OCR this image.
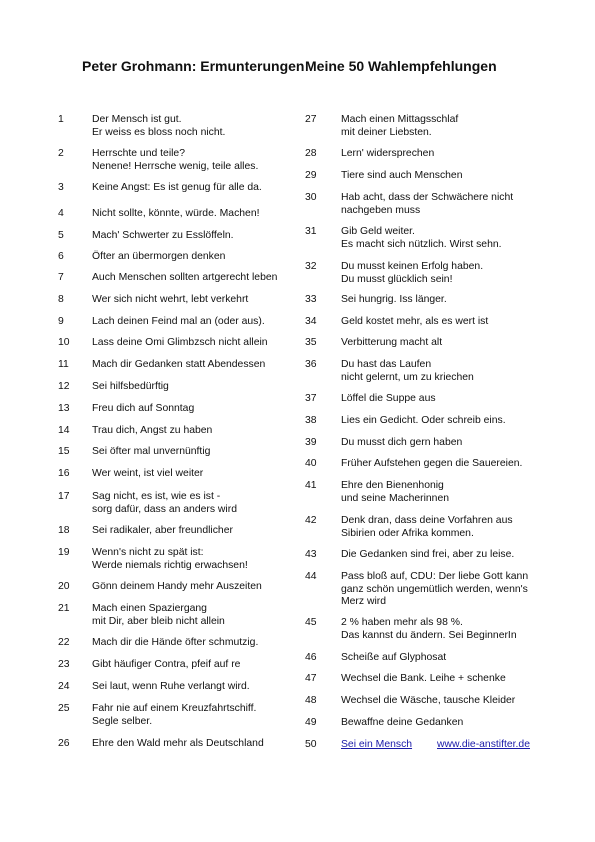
Peter Grohmann: Ermunterungen Meine 50 Wahlempfehlungen
1	Der Mensch ist gut.
Er weiss es bloss noch nicht.
2	Herrschte und teile?
Nenene! Herrsche wenig, teile alles.
3	Keine Angst: Es ist genug für alle da.
4	Nicht sollte, könnte, würde. Machen!
5	Mach' Schwerter zu Esslöffeln.
6	Öfter an übermorgen denken
7	Auch Menschen sollten artgerecht leben
8	Wer sich nicht wehrt, lebt verkehrt
9	Lach deinen Feind mal an (oder aus).
10 Lass deine Omi Glimbzsch nicht allein
11 Mach dir Gedanken statt Abendessen
12 Sei hilfsbedürftig
13 Freu dich auf Sonntag
14 Trau dich, Angst zu haben
15 Sei öfter mal unvernünftig
16 Wer weint, ist viel weiter
17 Sag nicht, es ist, wie es ist -
sorg dafür, dass an anders wird
18 Sei radikaler, aber freundlicher
19 Wenn's nicht zu spät ist:
Werde niemals richtig erwachsen!
20 Gönn deinem Handy mehr Auszeiten
21 Mach einen Spaziergang
mit Dir, aber bleib nicht allein
22 Mach dir die Hände öfter schmutzig.
23 Gibt häufiger Contra, pfeif auf re
24 Sei laut, wenn Ruhe verlangt wird.
25 Fahr nie auf einem Kreuzfahrtschiff.
Segle selber.
26 Ehre den Wald mehr als Deutschland
27 Mach einen Mittagsschlaf
mit deiner Liebsten.
28 Lern' widersprechen
29 Tiere sind auch Menschen
30 Hab acht, dass der Schwächere nicht
nachgeben muss
31 Gib Geld weiter.
Es macht sich nützlich. Wirst sehn.
32 Du musst keinen Erfolg haben.
Du musst glücklich sein!
33 Sei hungrig. Iss länger.
34 Geld kostet mehr, als es wert ist
35 Verbitterung macht alt
36 Du hast das Laufen
nicht gelernt, um zu kriechen
37 Löffel die Suppe aus
38 Lies ein Gedicht. Oder schreib eins.
39 Du musst dich gern haben
40 Früher Aufstehen gegen die Sauereien.
41 Ehre den Bienenhonig
und seine Macherinnen
42 Denk dran, dass deine Vorfahren aus
Sibirien oder Afrika kommen.
43 Die Gedanken sind frei, aber zu leise.
44 Pass bloß auf, CDU: Der liebe Gott kann
ganz schön ungemütlich werden, wenn's
Merz wird
45 2 % haben mehr als 98 %.
Das kannst du ändern. Sei BeginnerIn
46 Scheiße auf Glyphosat
47 Wechsel die Bank. Leihe + schenke
48 Wechsel die Wäsche, tausche Kleider
49 Bewaffne deine Gedanken
50 Sei ein Mensch www.die-anstifter.de
